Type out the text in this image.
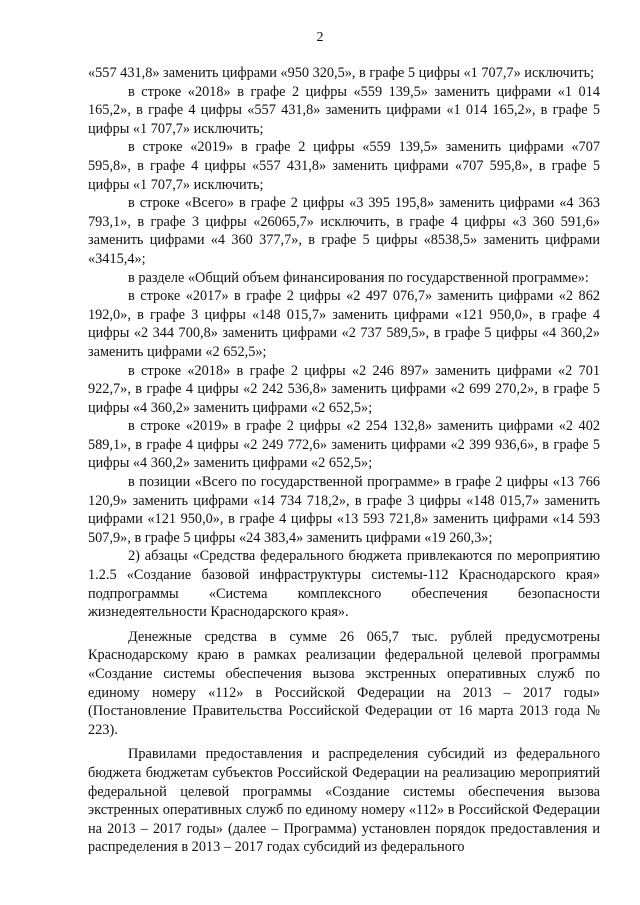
2

«557 431,8» заменить цифрами «950 320,5», в графе 5 цифры «1 707,7» исключить;

в строке «2018» в графе 2 цифры «559 139,5» заменить цифрами «1 014 165,2», в графе 4 цифры «557 431,8» заменить цифрами «1 014 165,2», в графе 5 цифры «1 707,7» исключить;

в строке «2019» в графе 2 цифры «559 139,5» заменить цифрами «707 595,8», в графе 4 цифры «557 431,8» заменить цифрами «707 595,8», в графе 5 цифры «1 707,7» исключить;

в строке «Всего» в графе 2 цифры «3 395 195,8» заменить цифрами «4 363 793,1», в графе 3 цифры «26065,7» исключить, в графе 4 цифры «3 360 591,6» заменить цифрами «4 360 377,7», в графе 5 цифры «8538,5» заменить цифрами «3415,4»;

в разделе «Общий объем финансирования по государственной программе»:

в строке «2017» в графе 2 цифры «2 497 076,7» заменить цифрами «2 862 192,0», в графе 3 цифры «148 015,7» заменить цифрами «121 950,0», в графе 4 цифры «2 344 700,8» заменить цифрами «2 737 589,5», в графе 5 цифры «4 360,2» заменить цифрами «2 652,5»;

в строке «2018» в графе 2 цифры «2 246 897» заменить цифрами «2 701 922,7», в графе 4 цифры «2 242 536,8» заменить цифрами «2 699 270,2», в графе 5 цифры «4 360,2» заменить цифрами «2 652,5»;

в строке «2019» в графе 2 цифры «2 254 132,8» заменить цифрами «2 402 589,1», в графе 4 цифры «2 249 772,6» заменить цифрами «2 399 936,6», в графе 5 цифры «4 360,2» заменить цифрами «2 652,5»;

в позиции «Всего по государственной программе» в графе 2 цифры «13 766 120,9» заменить цифрами «14 734 718,2», в графе 3 цифры «148 015,7» заменить цифрами «121 950,0», в графе 4 цифры «13 593 721,8» заменить цифрами «14 593 507,9», в графе 5 цифры «24 383,4» заменить цифрами «19 260,3»;

2) абзацы «Средства федерального бюджета привлекаются по мероприятию 1.2.5 «Создание базовой инфраструктуры системы-112 Краснодарского края» подпрограммы «Система комплексного обеспечения безопасности жизнедеятельности Краснодарского края».

Денежные средства в сумме 26 065,7 тыс. рублей предусмотрены Краснодарскому краю в рамках реализации федеральной целевой программы «Создание системы обеспечения вызова экстренных оперативных служб по единому номеру «112» в Российской Федерации на 2013 – 2017 годы» (Постановление Правительства Российской Федерации от 16 марта 2013 года № 223).

Правилами предоставления и распределения субсидий из федерального бюджета бюджетам субъектов Российской Федерации на реализацию мероприятий федеральной целевой программы «Создание системы обеспечения вызова экстренных оперативных служб по единому номеру «112» в Российской Федерации на 2013 – 2017 годы» (далее – Программа) установлен порядок предоставления и распределения в 2013 – 2017 годах субсидий из федерального
